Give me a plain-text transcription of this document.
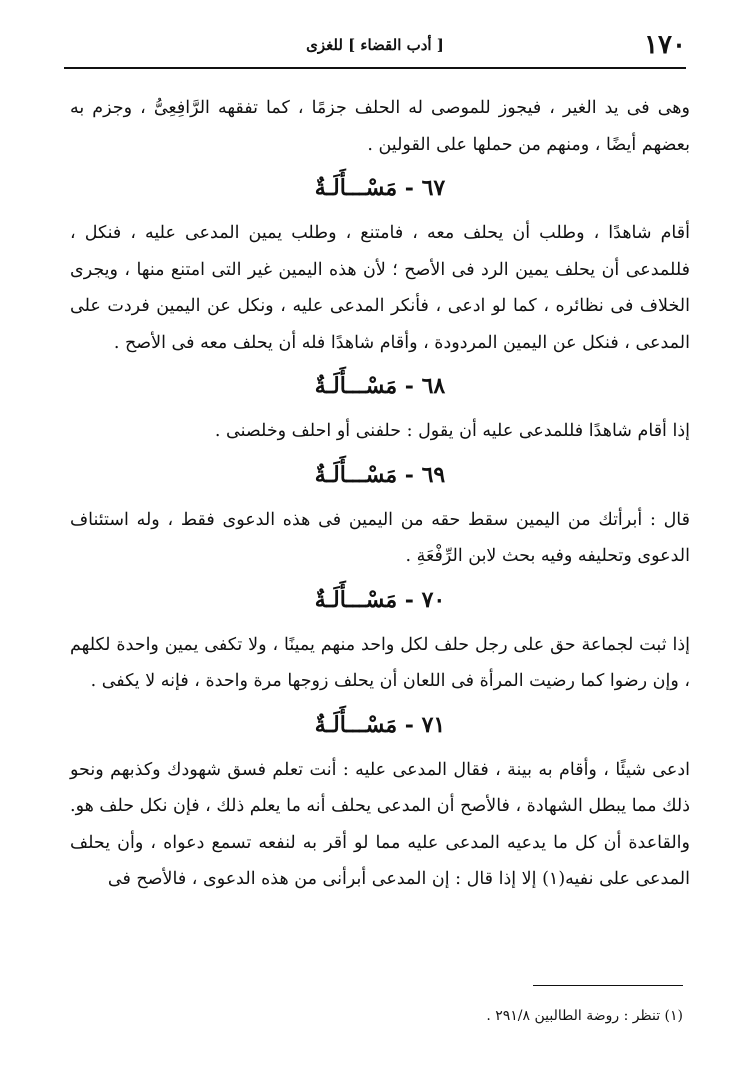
١٧٠
[ أدب القضاء ] للغزى

وهى فى يد الغير ، فيجوز للموصى له الحلف جزمًا ، كما تفقهه الرَّافِعِىُّ ، وجزم به بعضهم أيضًا ، ومنهم من حملها على القولين .

٦٧ - مَسْـــأَلَـةٌ

أقام شاهدًا ، وطلب أن يحلف معه ، فامتنع ، وطلب يمين المدعى عليه ، فنكل ، فللمدعى أن يحلف يمين الرد فى الأصح ؛ لأن هذه اليمين غير التى امتنع منها ، ويجرى الخلاف فى نظائره ، كما لو ادعى ، فأنكر المدعى عليه ، ونكل عن اليمين فردت على المدعى ، فنكل عن اليمين المردودة ، وأقام شاهدًا فله أن يحلف معه فى الأصح .

٦٨ - مَسْـــأَلَـةٌ

إذا أقام شاهدًا فللمدعى عليه أن يقول : حلفنى أو احلف وخلصنى .

٦٩ - مَسْـــأَلَـةٌ

قال : أبرأتك من اليمين سقط حقه من اليمين فى هذه الدعوى فقط ، وله استئناف الدعوى وتحليفه وفيه بحث لابن الرِّفْعَةِ .

٧٠ - مَسْـــأَلَـةٌ

إذا ثبت لجماعة حق على رجل حلف لكل واحد منهم يمينًا ، ولا تكفى يمين واحدة لكلهم ، وإن رضوا كما رضيت المرأة فى اللعان أن يحلف زوجها مرة واحدة ، فإنه لا يكفى .

٧١ - مَسْـــأَلَـةٌ

ادعى شيئًا ، وأقام به بينة ، فقال المدعى عليه : أنت تعلم فسق شهودك وكذبهم ونحو ذلك مما يبطل الشهادة ، فالأصح أن المدعى يحلف أنه ما يعلم ذلك ، فإن نكل حلف هو. والقاعدة أن كل ما يدعيه المدعى عليه مما لو أقر به لنفعه تسمع دعواه ، وأن يحلف المدعى على نفيه(١) إلا إذا قال : إن المدعى أبرأنى من هذه الدعوى ، فالأصح فى

(١) تنظر : روضة الطالبين ٢٩١/٨ .
